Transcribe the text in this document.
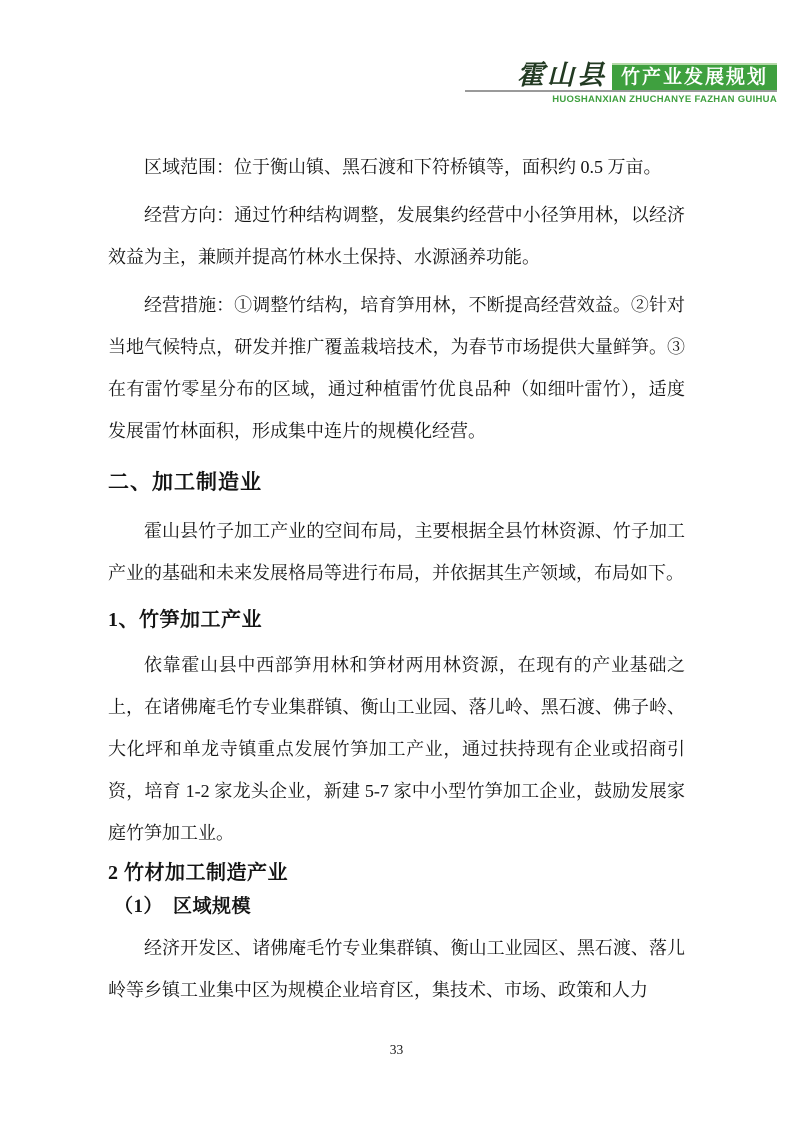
霍山县 竹产业发展规划
HUOSHANXIAN ZHUCHANYE FAZHAN GUIHUA

区域范围：位于衡山镇、黑石渡和下符桥镇等，面积约 0.5 万亩。

经营方向：通过竹种结构调整，发展集约经营中小径笋用林，以经济效益为主，兼顾并提高竹林水土保持、水源涵养功能。

经营措施：①调整竹结构，培育笋用林，不断提高经营效益。②针对当地气候特点，研发并推广覆盖栽培技术，为春节市场提供大量鲜笋。③在有雷竹零星分布的区域，通过种植雷竹优良品种（如细叶雷竹），适度发展雷竹林面积，形成集中连片的规模化经营。

二、加工制造业

霍山县竹子加工产业的空间布局，主要根据全县竹林资源、竹子加工产业的基础和未来发展格局等进行布局，并依据其生产领域，布局如下。

1、竹笋加工产业

依靠霍山县中西部笋用林和笋材两用林资源，在现有的产业基础之上，在诸佛庵毛竹专业集群镇、衡山工业园、落儿岭、黑石渡、佛子岭、大化坪和单龙寺镇重点发展竹笋加工产业，通过扶持现有企业或招商引资，培育 1-2 家龙头企业，新建 5-7 家中小型竹笋加工企业，鼓励发展家庭竹笋加工业。

2 竹材加工制造产业
（1）　区域规模

经济开发区、诸佛庵毛竹专业集群镇、衡山工业园区、黑石渡、落儿岭等乡镇工业集中区为规模企业培育区，集技术、市场、政策和人力

33
